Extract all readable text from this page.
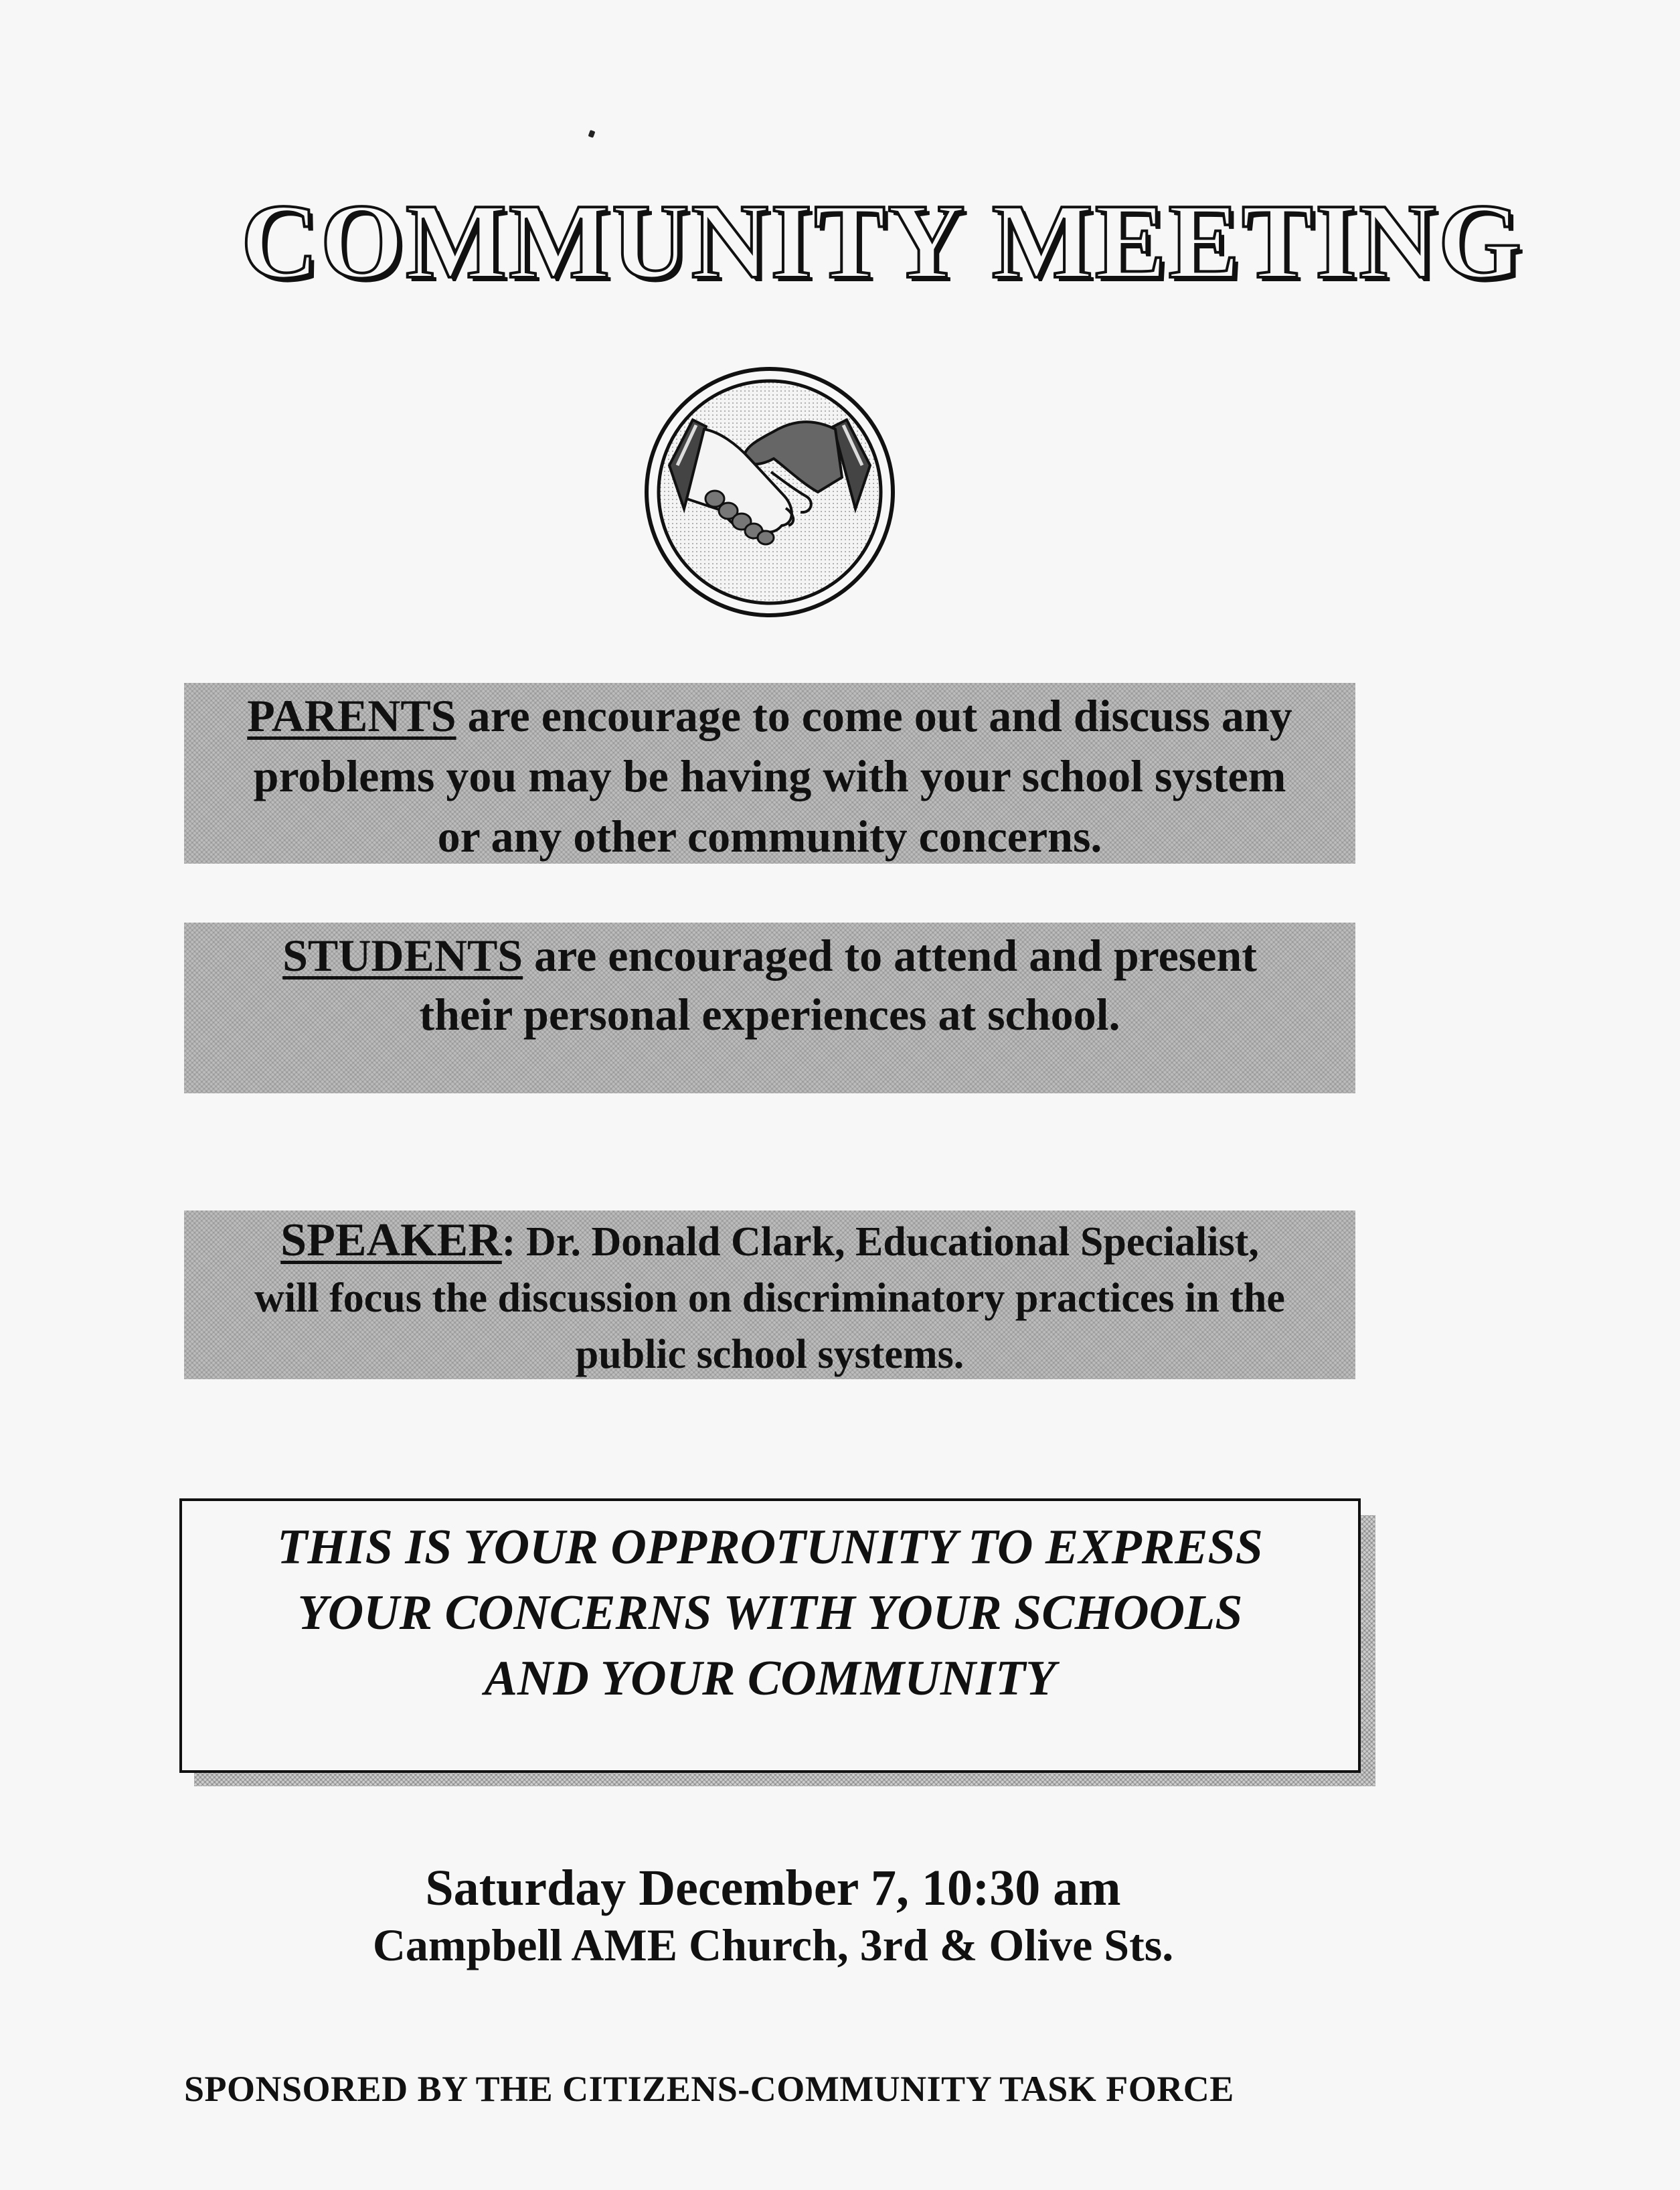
COMMUNITY MEETING
PARENTS are encourage to come out and discuss any
problems you may be having with your school system
or any other community concerns.
STUDENTS are encouraged to attend and present
their personal experiences at school.
SPEAKER: Dr. Donald Clark, Educational Specialist,
will focus the discussion on discriminatory practices in the
public school systems.
THIS IS YOUR OPPROTUNITY TO EXPRESS
YOUR CONCERNS WITH YOUR SCHOOLS
AND YOUR COMMUNITY
Saturday December 7, 10:30 am
Campbell AME Church, 3rd & Olive Sts.
SPONSORED BY THE CITIZENS-COMMUNITY TASK FORCE
